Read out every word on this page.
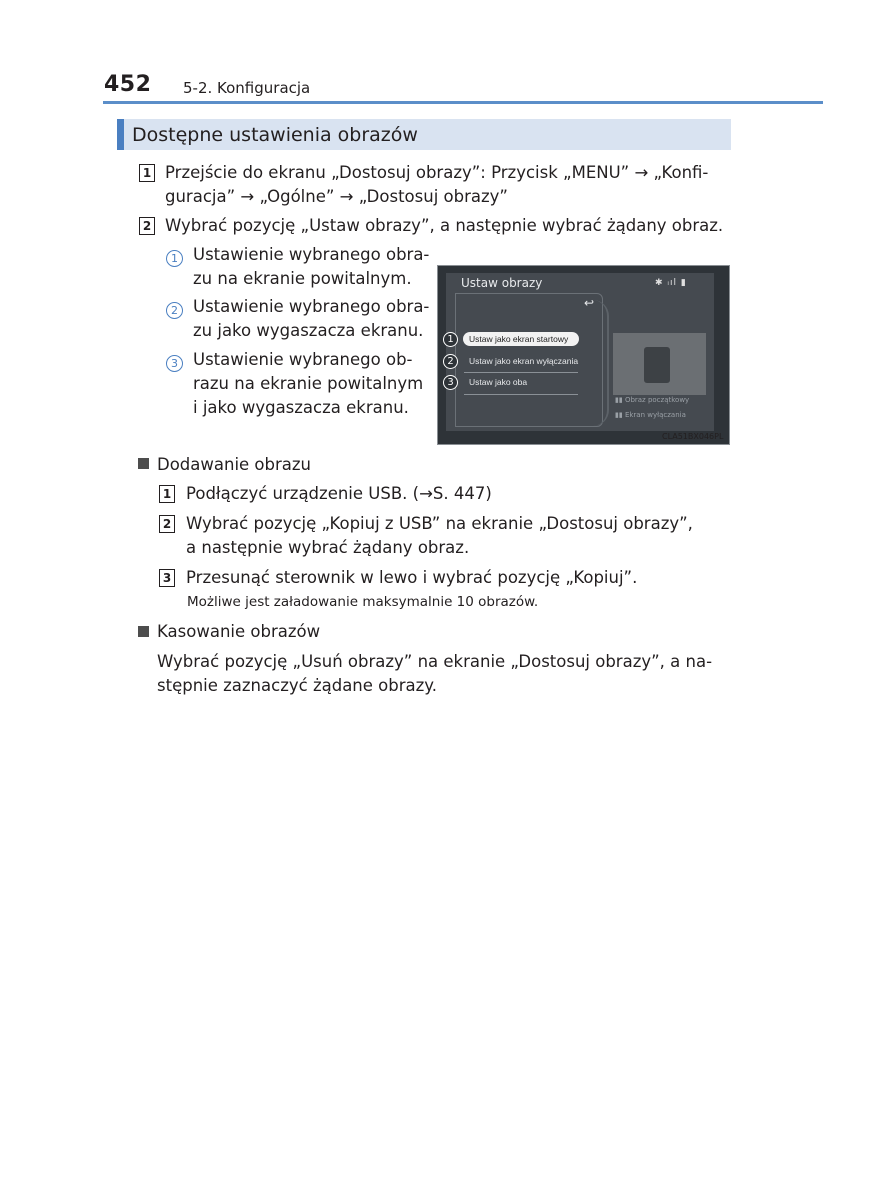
452 5-2. Konfiguracja
Dostępne ustawienia obrazów
1 Przejście do ekranu „Dostosuj obrazy”: Przycisk „MENU” → „Konfi-
guracja” → „Ogólne” → „Dostosuj obrazy”
2 Wybrać pozycję „Ustaw obrazy”, a następnie wybrać żądany obraz.
1 Ustawienie wybranego obra-
zu na ekranie powitalnym.
2 Ustawienie wybranego obra-
zu jako wygaszacza ekranu.
3 Ustawienie wybranego ob-
razu na ekranie powitalnym
i jako wygaszacza ekranu.
Ustaw obrazy	✱ ᵢıl ▮
↩
1	Ustaw jako ekran startowy
2	Ustaw jako ekran wyłączania
3	Ustaw jako oba
▮▮ Obraz początkowy
▮▮ Ekran wyłączania
CLA51BX046PL
Dodawanie obrazu
1 Podłączyć urządzenie USB. (→S. 447)
2 Wybrać pozycję „Kopiuj z USB” na ekranie „Dostosuj obrazy”,
a następnie wybrać żądany obraz.
3 Przesunąć sterownik w lewo i wybrać pozycję „Kopiuj”.
Możliwe jest załadowanie maksymalnie 10 obrazów.
Kasowanie obrazów
Wybrać pozycję „Usuń obrazy” na ekranie „Dostosuj obrazy”, a na-
stępnie zaznaczyć żądane obrazy.
